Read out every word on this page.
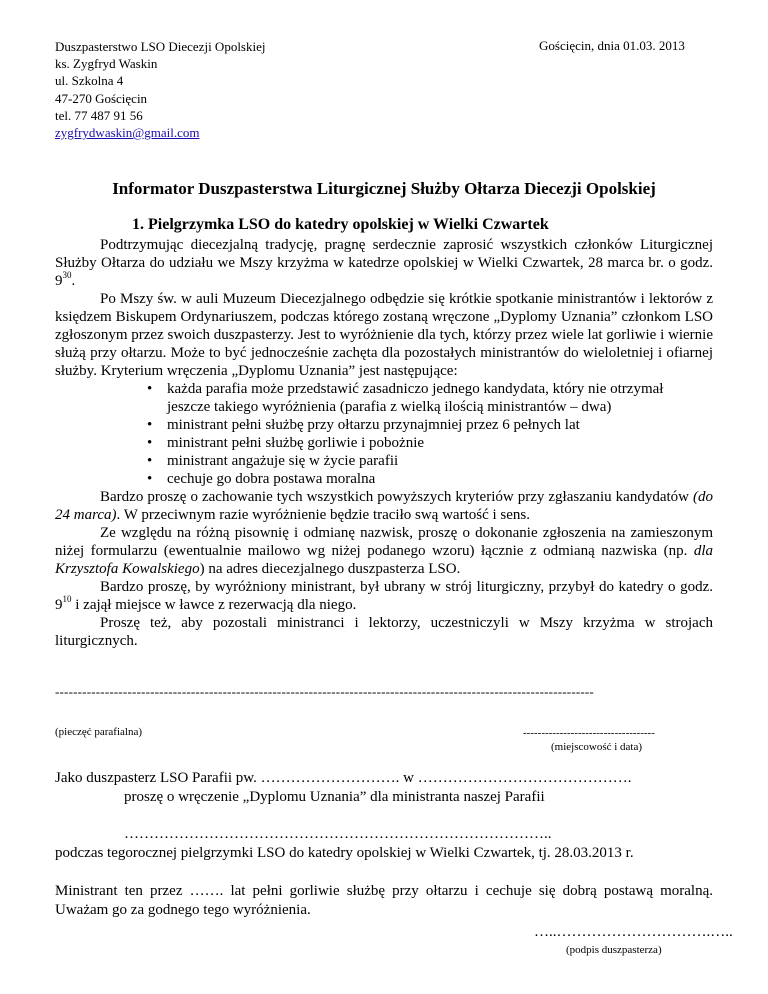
Duszpasterstwo LSO Diecezji Opolskiej
ks. Zygfryd Waskin
ul. Szkolna 4
47-270 Gościęcin
tel. 77 487 91 56
zygfrydwaskin@gmail.com
Gościęcin, dnia 01.03. 2013
Informator Duszpasterstwa Liturgicznej Służby Ołtarza Diecezji Opolskiej
1. Pielgrzymka LSO do katedry opolskiej w Wielki Czwartek

Podtrzymując diecezjalną tradycję, pragnę serdecznie zaprosić wszystkich członków Liturgicznej Służby Ołtarza do udziału we Mszy krzyżma w katedrze opolskiej w Wielki Czwartek, 28 marca br. o godz. $9^{30}$.

Po Mszy św. w auli Muzeum Diecezjalnego odbędzie się krótkie spotkanie ministrantów i lektorów z księdzem Biskupem Ordynariuszem, podczas którego zostaną wręczone „Dyplomy Uznania” członkom LSO zgłoszonym przez swoich duszpasterzy. Jest to wyróżnienie dla tych, którzy przez wiele lat gorliwie i wiernie służą przy ołtarzu. Może to być jednocześnie zachęta dla pozostałych ministrantów do wieloletniej i ofiarnej służby. Kryterium wręczenia „Dyplomu Uznania” jest następujące:

• każda parafia może przedstawić zasadniczo jednego kandydata, który nie otrzymał jeszcze takiego wyróżnienia (parafia z wielką ilością ministrantów – dwa)
• ministrant pełni służbę przy ołtarzu przynajmniej przez 6 pełnych lat
• ministrant pełni służbę gorliwie i pobożnie
• ministrant angażuje się w życie parafii
• cechuje go dobra postawa moralna

Bardzo proszę o zachowanie tych wszystkich powyższych kryteriów przy zgłaszaniu kandydatów (do 24 marca). W przeciwnym razie wyróżnienie będzie traciło swą wartość i sens.

Ze względu na różną pisownię i odmianę nazwisk, proszę o dokonanie zgłoszenia na zamieszonym niżej formularzu (ewentualnie mailowo wg niżej podanego wzoru) łącznie z odmianą nazwiska (np. dla Krzysztofa Kowalskiego) na adres diecezjalnego duszpasterza LSO.

Bardzo proszę, by wyróżniony ministrant, był ubrany w strój liturgiczny, przybył do katedry o godz. $9^{10}$ i zajął miejsce w ławce z rezerwacją dla niego.

Proszę też, aby pozostali ministranci i lektorzy, uczestniczyli w Mszy krzyżma w strojach liturgicznych.

-----------------------------------------------------------------------------------------------------------------------
(pieczęć parafialna)	------------------------------------
(miejscowość i data)
Jako duszpasterz LSO Parafii pw. ………………………. w …………………………………….
proszę o wręczenie „Dyplomu Uznania” dla ministranta naszej Parafii
…………………………………………………………………………..
podczas tegorocznej pielgrzymki LSO do katedry opolskiej w Wielki Czwartek, tj. 28.03.2013 r.
Ministrant ten przez ……. lat pełni gorliwie służbę przy ołtarzu i cechuje się dobrą postawą moralną. Uważam go za godnego tego wyróżnienia.
…..………………………….…..
(podpis duszpasterza)
